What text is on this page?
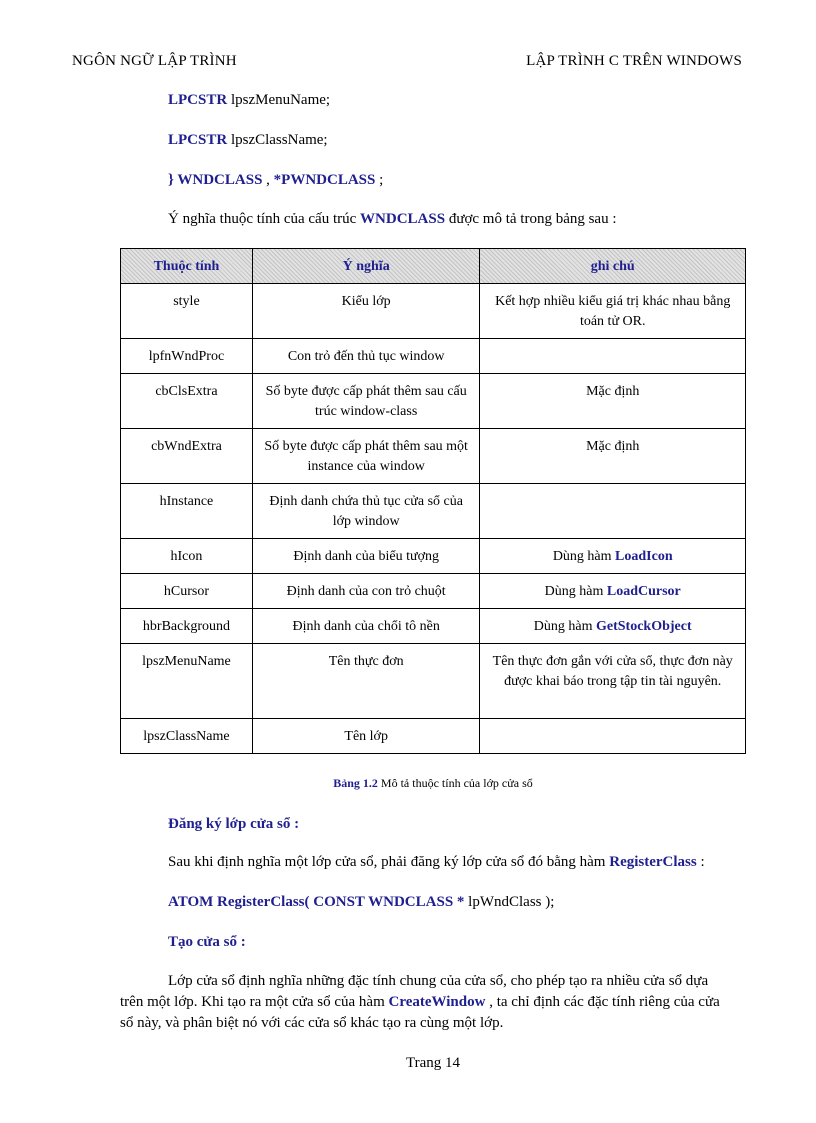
NGÔN NGỮ LẬP TRÌNH	LẬP TRÌNH C TRÊN WINDOWS
LPCSTR lpszMenuName;
LPCSTR lpszClassName;
} WNDCLASS , *PWNDCLASS ;
Ý nghĩa thuộc tính của cấu trúc WNDCLASS được mô tả trong bảng sau :
Thuộc tính	Ý nghĩa	ghi chú
style	Kiểu lớp	Kết hợp nhiều kiểu giá trị khác nhau bằng toán tử OR.
lpfnWndProc	Con trỏ đến thủ tục window	
cbClsExtra	Số byte được cấp phát thêm sau cấu trúc window-class	Mặc định
cbWndExtra	Số byte được cấp phát thêm sau một instance của window	Mặc định
hInstance	Định danh chứa thủ tục cửa sổ của lớp window	
hIcon	Định danh của biểu tượng	Dùng hàm LoadIcon
hCursor	Định danh của con trỏ chuột	Dùng hàm LoadCursor
hbrBackground	Định danh của chổi tô nền	Dùng hàm GetStockObject
lpszMenuName	Tên thực đơn	Tên thực đơn gắn với cửa sổ, thực đơn này được khai báo trong tập tin tài nguyên.
lpszClassName	Tên lớp	
Bảng 1.2 Mô tả thuộc tính của lớp cửa sổ
Đăng ký lớp cửa sổ :
Sau khi định nghĩa một lớp cửa sổ, phải đăng ký lớp cửa sổ đó bằng hàm RegisterClass :
ATOM RegisterClass( CONST WNDCLASS * lpWndClass );
Tạo cửa sổ :
Lớp cửa sổ định nghĩa những đặc tính chung của cửa sổ, cho phép tạo ra nhiều cửa sổ dựa trên một lớp. Khi tạo ra một cửa sổ của hàm CreateWindow , ta chỉ định các đặc tính riêng của cửa sổ này, và phân biệt nó với các cửa sổ khác tạo ra cùng một lớp.
Trang 14
